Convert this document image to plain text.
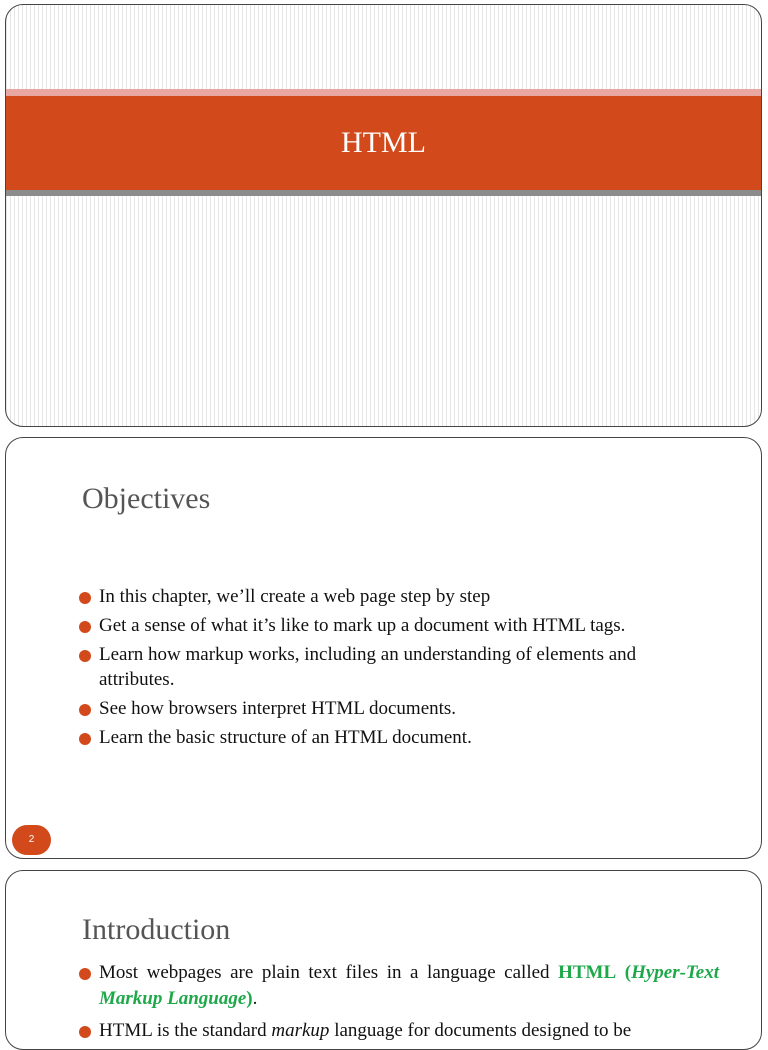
HTML
Objectives
In this chapter, we’ll create a web page step by step
Get a sense of what it’s like to mark up a document with HTML tags.
Learn how markup works, including an understanding of elements and attributes.
See how browsers interpret HTML documents.
Learn the basic structure of an HTML document.
2
Introduction
Most webpages are plain text files in a language called HTML (Hyper-Text Markup Language).
HTML is the standard markup language for documents designed to be
